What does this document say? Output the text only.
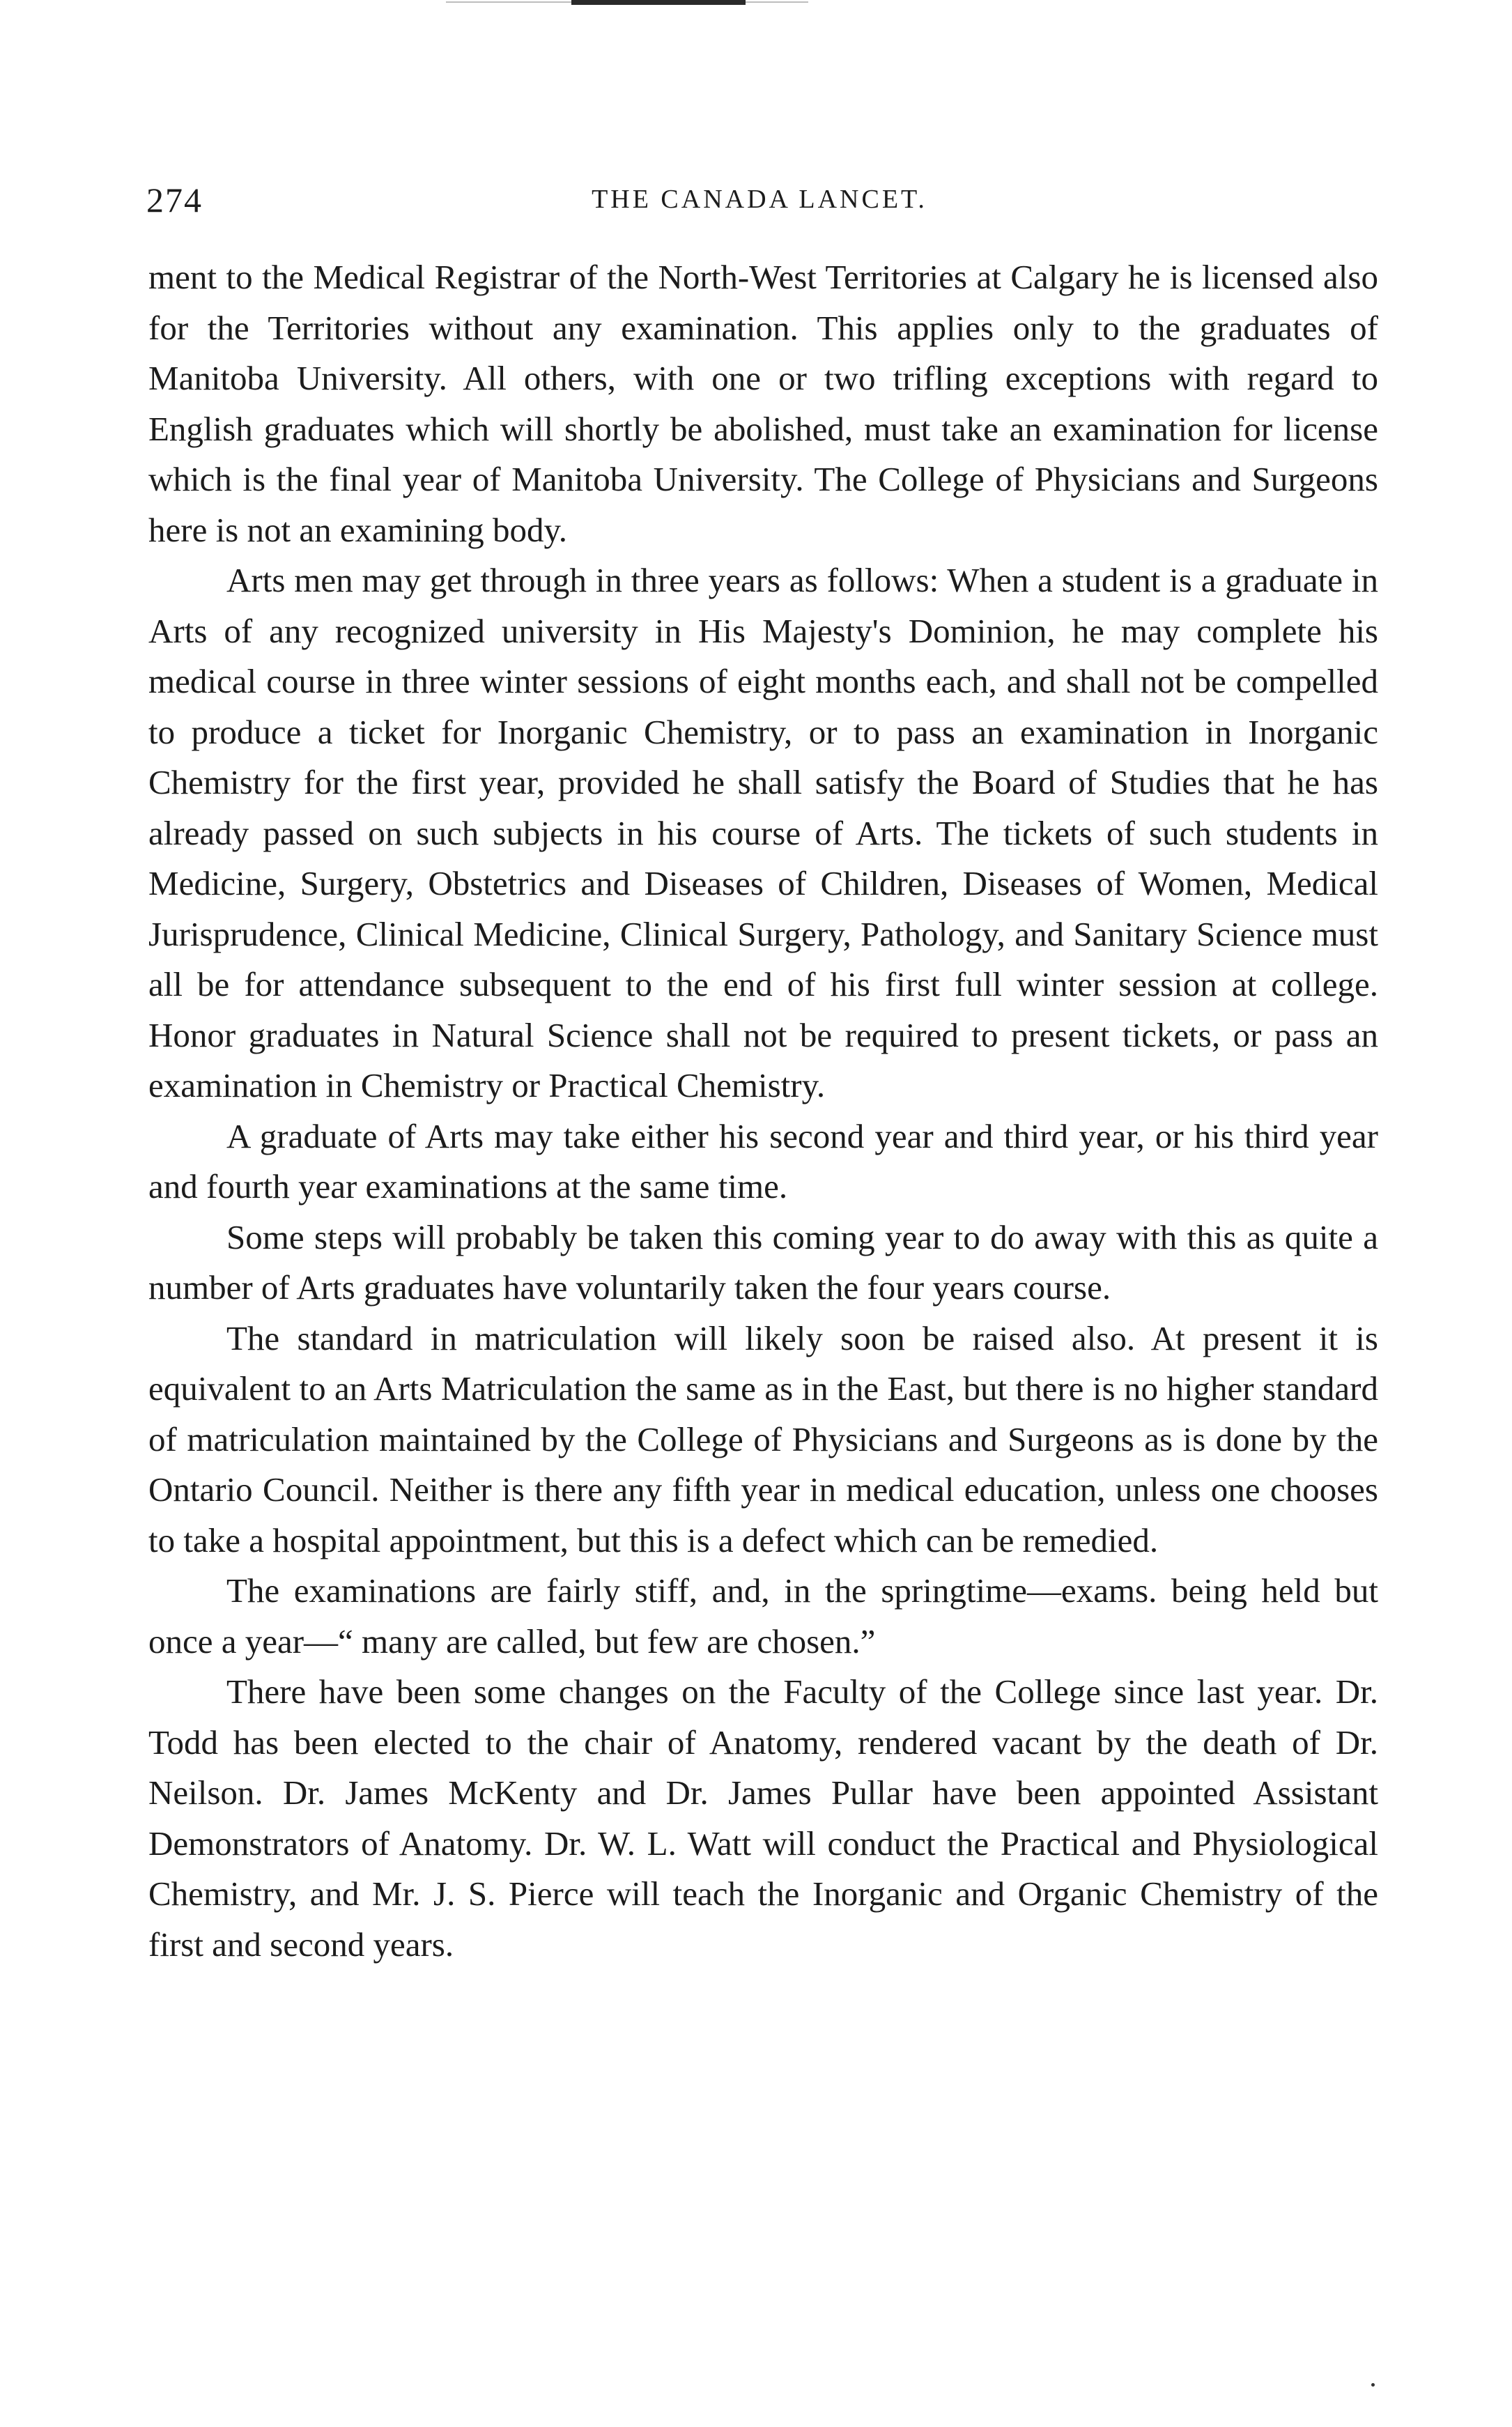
274	THE CANADA LANCET.

ment to the Medical Registrar of the North-West Territories at Calgary he is licensed also for the Territories without any examination. This applies only to the graduates of Manitoba University. All others, with one or two trifling exceptions with regard to English graduates which will shortly be abolished, must take an examination for license which is the final year of Manitoba University. The College of Physicians and Surgeons here is not an examining body.

Arts men may get through in three years as follows: When a student is a graduate in Arts of any recognized university in His Majesty's Dominion, he may complete his medical course in three winter sessions of eight months each, and shall not be compelled to produce a ticket for Inorganic Chemistry, or to pass an examination in Inorganic Chemistry for the first year, provided he shall satisfy the Board of Studies that he has already passed on such subjects in his course of Arts. The tickets of such students in Medicine, Surgery, Obstetrics and Diseases of Children, Diseases of Women, Medical Jurisprudence, Clinical Medicine, Clinical Surgery, Pathology, and Sanitary Science must all be for attendance subsequent to the end of his first full winter session at college. Honor graduates in Natural Science shall not be required to present tickets, or pass an examination in Chemistry or Practical Chemistry.

A graduate of Arts may take either his second year and third year, or his third year and fourth year examinations at the same time.

Some steps will probably be taken this coming year to do away with this as quite a number of Arts graduates have voluntarily taken the four years course.

The standard in matriculation will likely soon be raised also. At present it is equivalent to an Arts Matriculation the same as in the East, but there is no higher standard of matriculation maintained by the College of Physicians and Surgeons as is done by the Ontario Council. Neither is there any fifth year in medical education, unless one chooses to take a hospital appointment, but this is a defect which can be remedied.

The examinations are fairly stiff, and, in the springtime—exams. being held but once a year—“ many are called, but few are chosen.”

There have been some changes on the Faculty of the College since last year. Dr. Todd has been elected to the chair of Anatomy, rendered vacant by the death of Dr. Neilson. Dr. James McKenty and Dr. James Pullar have been appointed Assistant Demonstrators of Anatomy. Dr. W. L. Watt will conduct the Practical and Physiological Chemistry, and Mr. J. S. Pierce will teach the Inorganic and Organic Chemistry of the first and second years.
